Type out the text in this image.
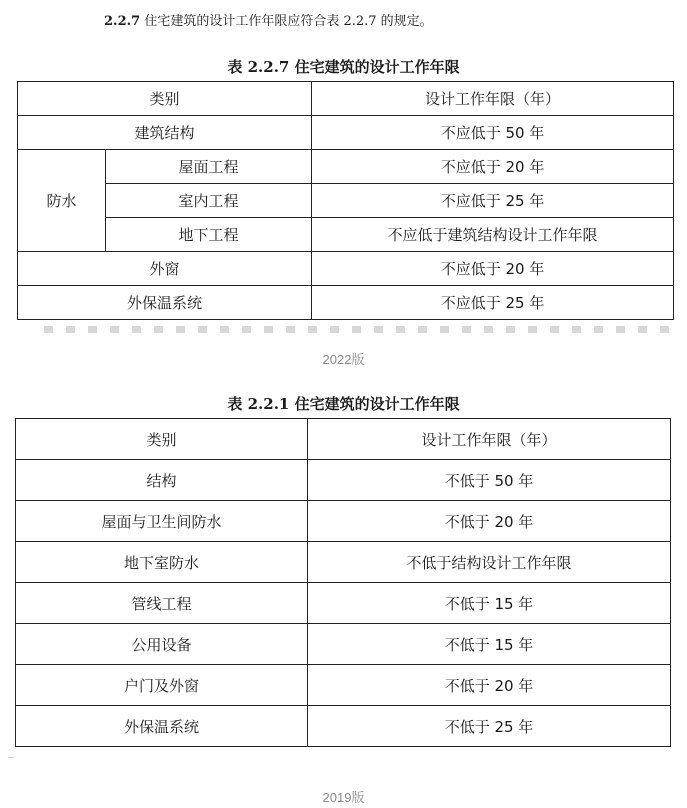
2.2.7 住宅建筑的设计工作年限应符合表 2.2.7 的规定。
表 2.2.7 住宅建筑的设计工作年限
类别		设计工作年限（年）
建筑结构		不应低于 50 年
防水	屋面工程	不应低于 20 年
	室内工程	不应低于 25 年
	地下工程	不应低于建筑结构设计工作年限
外窗		不应低于 20 年
外保温系统		不应低于 25 年
2022版
表 2.2.1 住宅建筑的设计工作年限
类别	设计工作年限（年）
结构	不低于 50 年
屋面与卫生间防水	不低于 20 年
地下室防水	不低于结构设计工作年限
管线工程	不低于 15 年
公用设备	不低于 15 年
户门及外窗	不低于 20 年
外保温系统	不低于 25 年
2019版
